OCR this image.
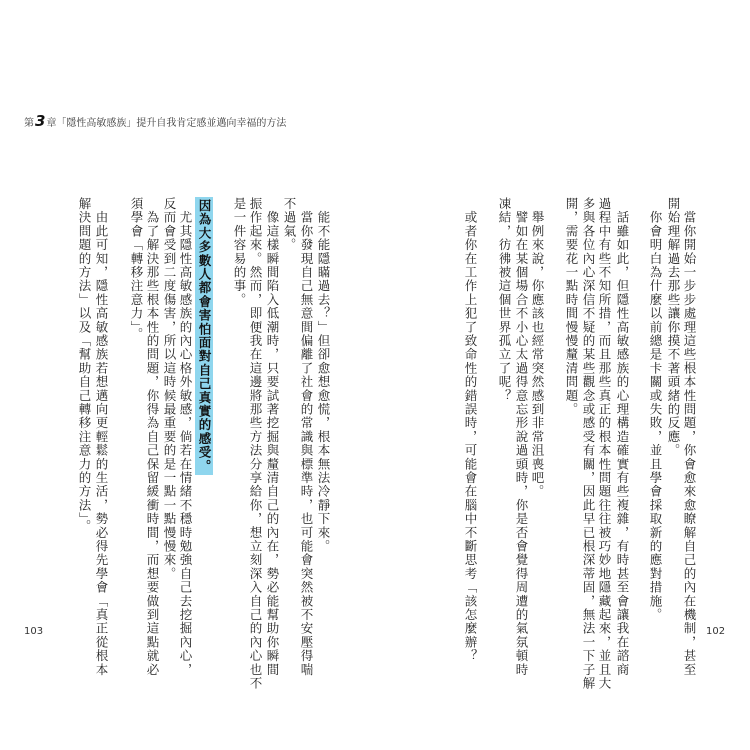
第3章「隱性高敏感族」提升自我肯定感並邁向幸福的方法
　當你開始一步步處理這些根本性問題，你會愈來愈瞭解自己的內在機制，甚至
開始理解過去那些讓你摸不著頭緒的反應。
　你會明白為什麼以前總是卡關或失敗，並且學會採取新的應對措施。
　話雖如此，但隱性高敏感族的心理構造確實有些複雜，有時甚至會讓我在諮商
過程中有些不知所措，而且那些真正的根本性問題往往被巧妙地隱藏起來，並且大
多與各位內心深信不疑的某些觀念或感受有關，因此早已根深蒂固，無法一下子解
開，需要花一點時間慢慢釐清問題。
　舉例來說，你應該也經常突然感到非常沮喪吧。
　譬如在某個場合不小心太過得意忘形說過頭時，你是否會覺得周遭的氣氛頓時
凍結，彷彿被這個世界孤立了呢？
　或者你在工作上犯了致命性的錯誤時，可能會在腦中不斷思考「該怎麼辦？
　能不能隱瞞過去？」但卻愈想愈慌，根本無法冷靜下來。
　當你發現自己無意間偏離了社會的常識與標準時，也可能會突然被不安壓得喘
不過氣。
　像這樣瞬間陷入低潮時，只要試著挖掘與釐清自己的內在，勢必能幫助你瞬間
振作起來。然而，即便我在這邊將那些方法分享給你，想立刻深入自己的內心也不
是一件容易的事。
因為大多數人都會害怕面對自己真實的感受。
　尤其隱性高敏感族的內心格外敏感，倘若在情緒不穩時勉強自己去挖掘內心，
反而會受到二度傷害，所以這時候最重要的是一點一點慢慢來。
　為了解決那些根本性的問題，你得為自己保留緩衝時間，而想要做到這點就必
須學會「轉移注意力」。
　由此可知，隱性高敏感族若想邁向更輕鬆的生活，勢必得先學會「真正從根本
解決問題的方法」以及「幫助自己轉移注意力的方法」。
103	102
